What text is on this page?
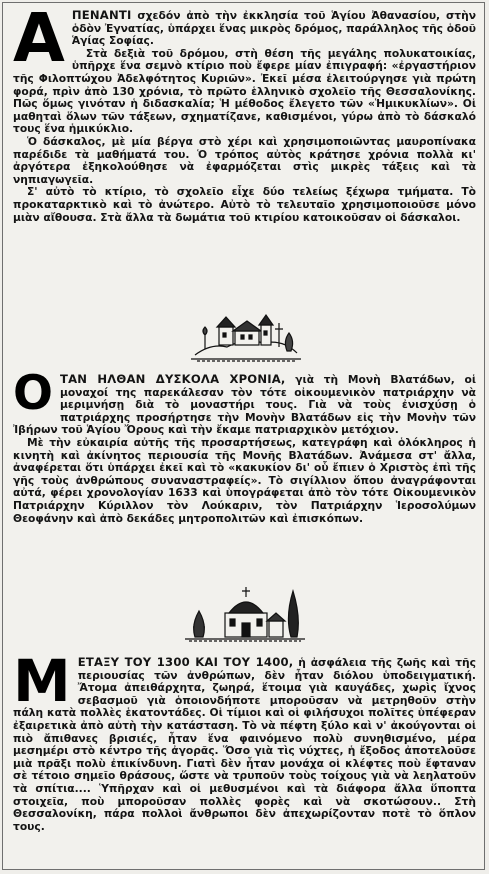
Α ΠΕΝΑΝΤΙ σχεδόν ἀπὸ τὴν ἐκκλησία τοῦ Ἁγίου Ἀθανασίου, στὴν ὁδὸν Ἐγνατίας, ὑπάρχει ἕνας μικρὸς δρόμος, παράλληλος τῆς ὁδοῦ Ἁγίας Σοφίας.

Στὰ δεξιὰ τοῦ δρόμου, στὴ θέση τῆς μεγάλης πολυκατοικίας, ὑπῆρχε ἕνα σεμνὸ κτίριο ποὺ ἔφερε μίαν ἐπιγραφή: «ἐργαστήριον τῆς Φιλοπτώχου Ἀδελφότητος Κυριῶν». Ἐκεῖ μέσα ἐλειτούργησε γιὰ πρώτη φορά, πρὶν ἀπὸ 130 χρόνια, τὸ πρῶτο ἑλληνικὸ σχολεῖο τῆς Θεσσαλονίκης. Πῶς ὅμως γινόταν ἡ διδασκαλία; Ἡ μέθοδος ἔλεγετο τῶν «Ἡμικυκλίων». Οἱ μαθηταὶ ὅλων τῶν τάξεων, σχηματίζανε, καθισμένοι, γύρω ἀπὸ τὸ δάσκαλό τους ἕνα ἡμικύκλιο.

Ὁ δάσκαλος, μὲ μία βέργα στὸ χέρι καὶ χρησιμοποιῶντας μαυροπίνακα παρέδιδε τὰ μαθήματά του. Ὁ τρόπος αὐτὸς κράτησε χρόνια πολλὰ κι' ἀργότερα ἐξηκολούθησε νὰ ἐφαρμόζεται στὶς μικρὲς τάξεις καὶ τὰ νηπιαγωγεῖα.

Σ' αὐτὸ τὸ κτίριο, τὸ σχολεῖο εἶχε δύο τελείως ξέχωρα τμήματα. Τὸ προκαταρκτικὸ καὶ τὸ ἀνώτερο. Αὐτὸ τὸ τελευταῖο χρησιμοποιοῦσε μόνο μιὰν αἴθουσα. Στὰ ἄλλα τὰ δωμάτια τοῦ κτιρίου κατοικοῦσαν οἱ δάσκαλοι.

Ο ΤΑΝ ΗΛΘΑΝ ΔΥΣΚΟΛΑ ΧΡΟΝΙΑ, γιὰ τὴ Μονὴ Βλατάδων, οἱ μοναχοί της παρεκάλεσαν τὸν τότε οἰκουμενικὸν πατριάρχην νὰ μεριμνήσῃ διὰ τὸ μοναστήρι τους. Γιὰ νὰ τοὺς ἐνισχύσῃ ὁ πατριάρχης προσήρτησε τὴν Μονὴν Βλατάδων εἰς τὴν Μονὴν τῶν Ἰβήρων τοῦ Ἁγίου Ὄρους καὶ τὴν ἔκαμε πατριαρχικὸν μετόχιον.

Μὲ τὴν εὐκαιρία αὐτῆς τῆς προσαρτήσεως, κατεγράφη καὶ ὁλόκληρος ἡ κινητὴ καὶ ἀκίνητος περιουσία τῆς Μονῆς Βλατάδων. Ἀνάμεσα στ' ἄλλα, ἀναφέρεται ὅτι ὑπάρχει ἐκεῖ καὶ τὸ «κακυκίον δι' οὗ ἔπιεν ὁ Χριστὸς ἐπὶ τῆς γῆς τοὺς ἀνθρώπους συναναστραφείς». Τὸ σιγίλλιον ὅπου ἀναγράφονται αὐτά, φέρει χρονολογίαν 1633 καὶ ὑπογράφεται ἀπὸ τὸν τότε Οἰκουμενικὸν Πατριάρχην Κύριλλον τὸν Λούκαριν, τὸν Πατριάρχην Ἱεροσολύμων Θεοφάνην καὶ ἀπὸ δεκάδες μητροπολιτῶν καὶ ἐπισκόπων.

Μ ΕΤΑΞΥ ΤΟΥ 1300 ΚΑΙ ΤΟΥ 1400, ἡ ἀσφάλεια τῆς ζωῆς καὶ τῆς περιουσίας τῶν ἀνθρώπων, δὲν ἦταν διόλου ὑποδειγματική. Ἄτομα ἀπειθάρχητα, ζωηρά, ἕτοιμα γιὰ καυγάδες, χωρὶς ἴχνος σεβασμοῦ γιὰ ὁποιονδήποτε μποροῦσαν νὰ μετρηθοῦν στὴν πάλη κατὰ πολλὲς ἑκατοντάδες. Οἱ τίμιοι καὶ οἱ φιλήσυχοι πολῖτες ὑπέφεραν ἐξαιρετικὰ ἀπὸ αὐτὴ τὴν κατάσταση. Τὸ νὰ πέφτη ξύλο καὶ ν' ἀκούγονται οἱ πιὸ ἄπιθανες βρισιές, ἦταν ἕνα φαινόμενο πολὺ συνηθισμένο, μέρα μεσημέρι στὸ κέντρο τῆς ἀγορᾶς. Ὅσο γιὰ τὶς νύχτες, ἡ ἔξοδος ἀποτελοῦσε μιὰ πρᾶξι πολὺ ἐπικίνδυνη. Γιατὶ δὲν ἦταν μονάχα οἱ κλέφτες ποὺ ἔφταναν σὲ τέτοιο σημεῖο θράσους, ὥστε νὰ τρυποῦν τοὺς τοίχους γιὰ νὰ λεηλατοῦν τὰ σπίτια.... Ὑπῆρχαν καὶ οἱ μεθυσμένοι καὶ τὰ διάφορα ἄλλα ὕποπτα στοιχεῖα, ποὺ μποροῦσαν πολλὲς φορὲς καὶ νὰ σκοτώσουν.. Στὴ Θεσσαλονίκη, πάρα πολλοὶ ἄνθρωποι δὲν ἀπεχωρίζονταν ποτὲ τὸ ὅπλον τους.
